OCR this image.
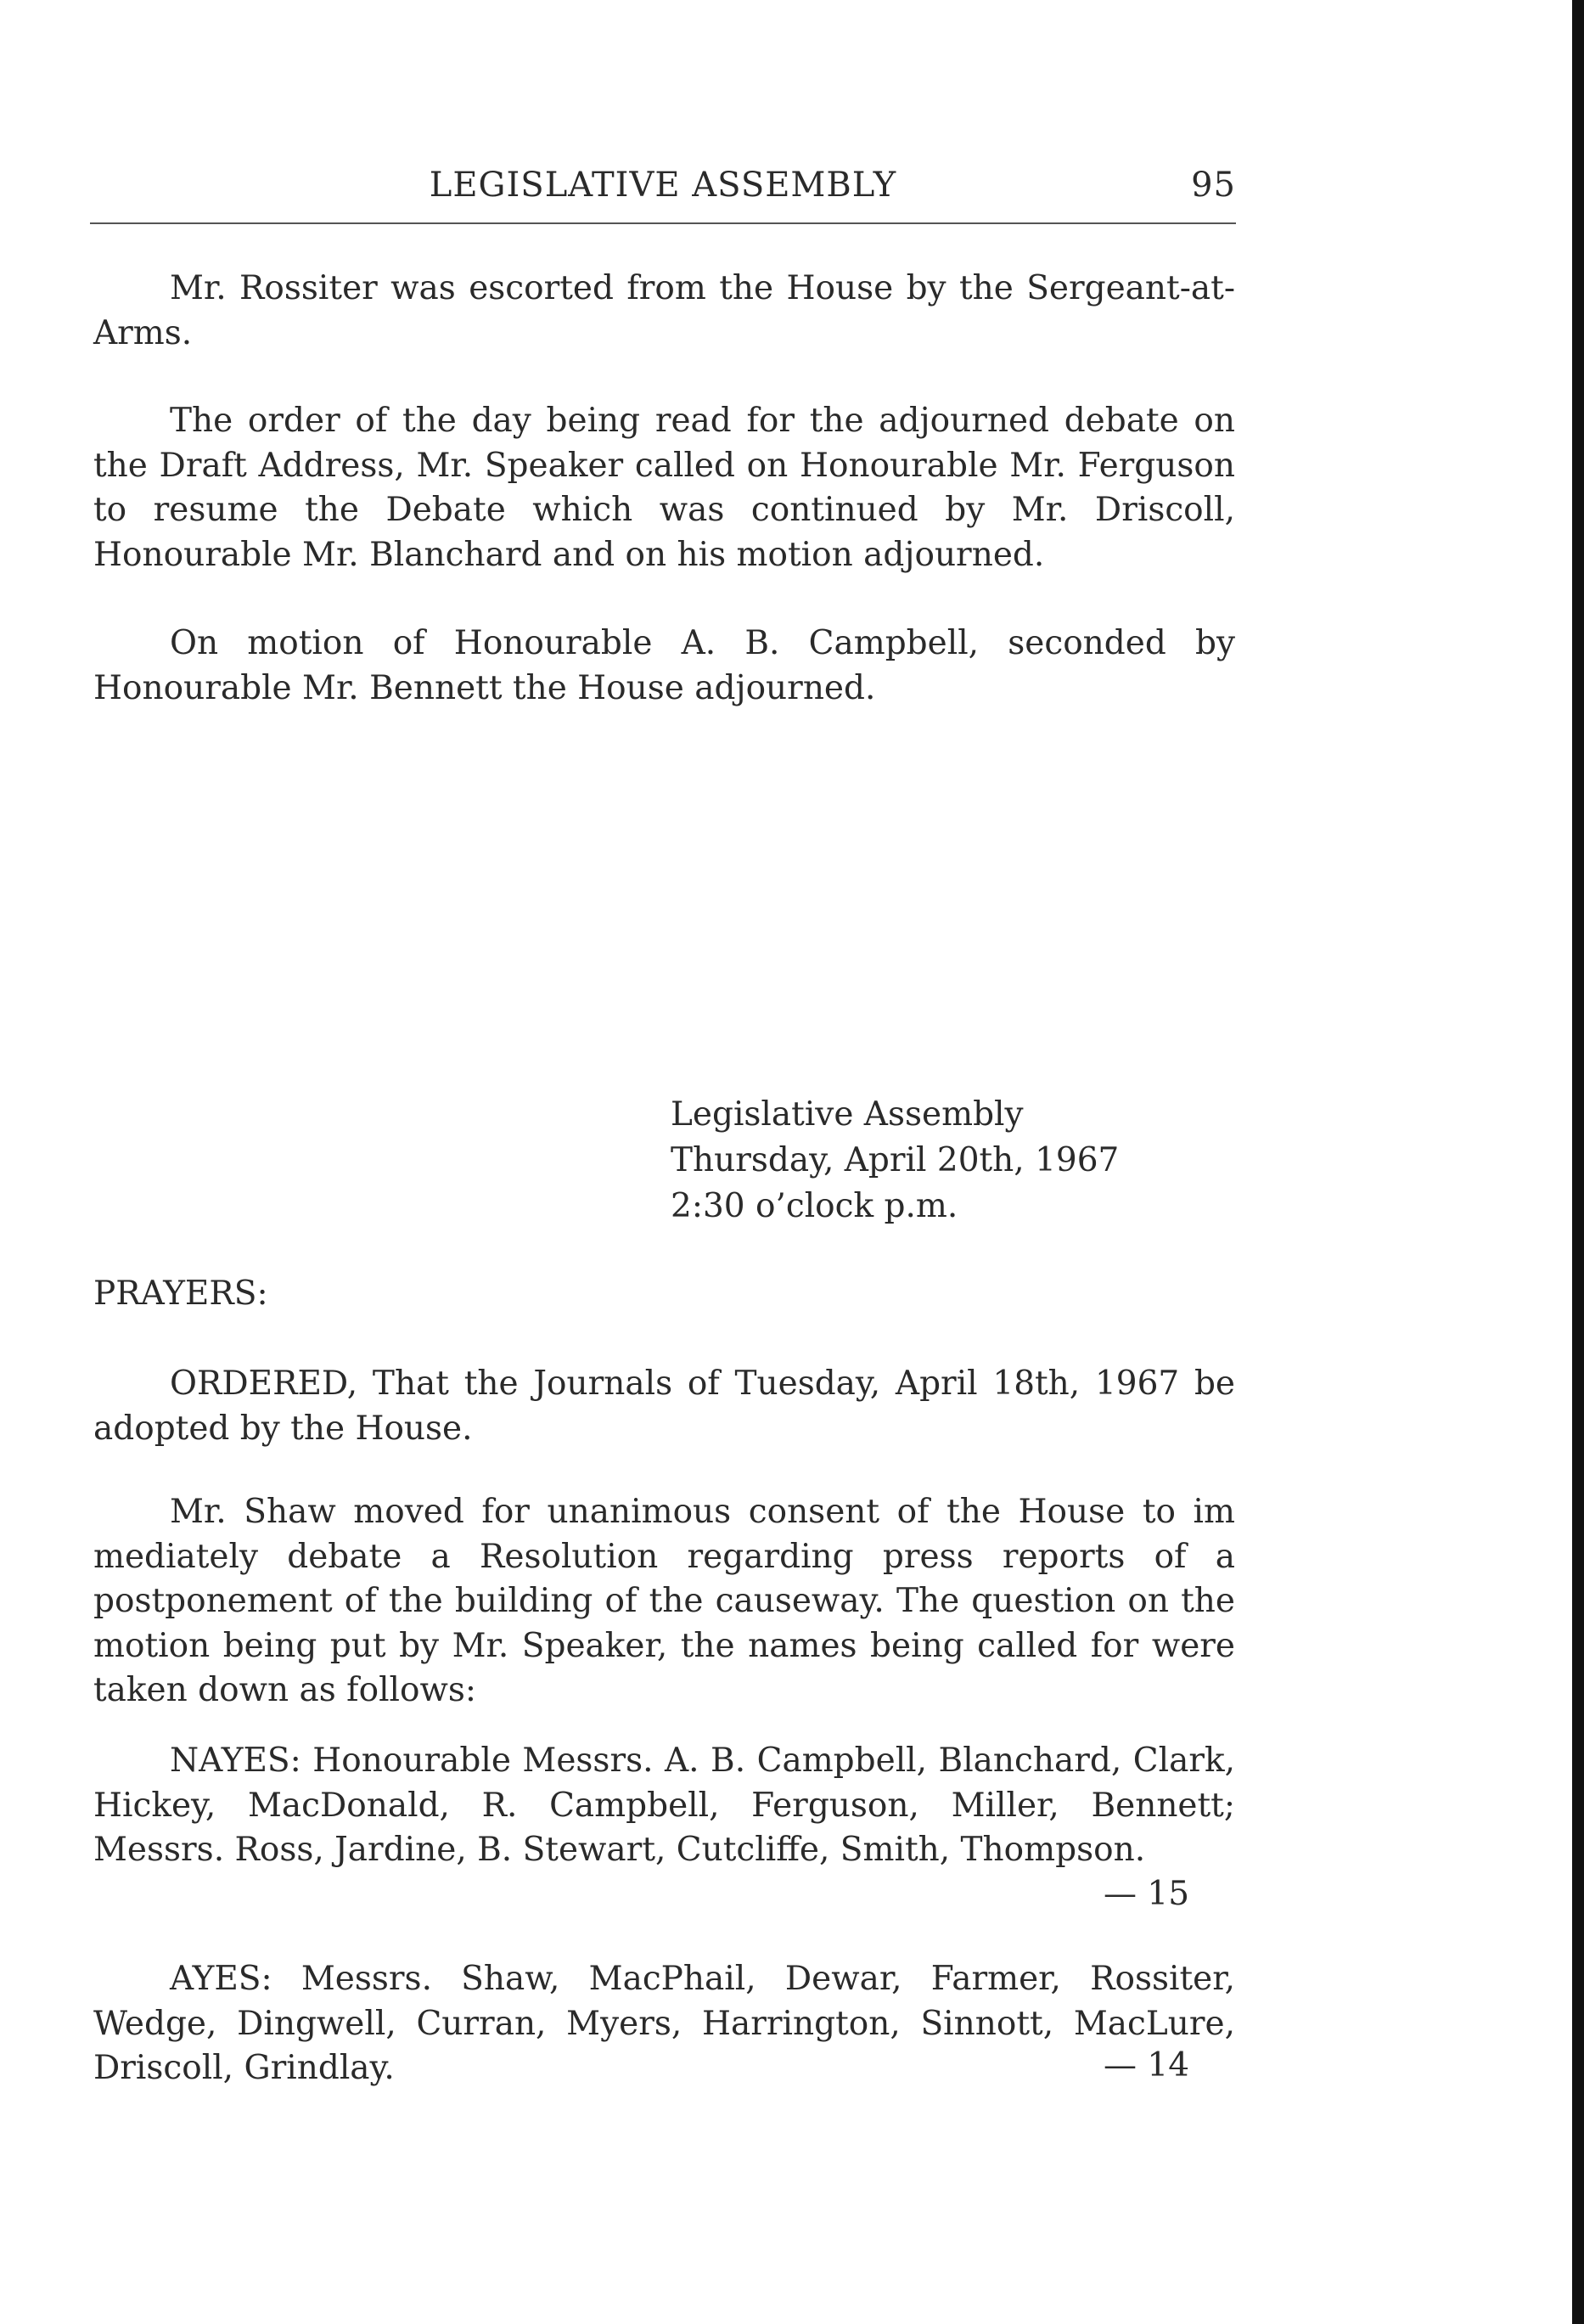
LEGISLATIVE ASSEMBLY	95
Mr. Rossiter was escorted from the House by the Sergeant-at-Arms.
The order of the day being read for the adjourned debate on the Draft Address, Mr. Speaker called on Honourable Mr. Ferguson to resume the Debate which was continued by Mr. Driscoll, Honourable Mr. Blanchard and on his motion adjourned.
On motion of Honourable A. B. Campbell, seconded by Honourable Mr. Bennett the House adjourned.
Legislative Assembly
Thursday, April 20th, 1967
2:30 o’clock p.m.
PRAYERS:
ORDERED, That the Journals of Tuesday, April 18th, 1967 be adopted by the House.
Mr. Shaw moved for unanimous consent of the House to im mediately debate a Resolution regarding press reports of a postponement of the building of the causeway. The question on the motion being put by Mr. Speaker, the names being called for were taken down as follows:
NAYES: Honourable Messrs. A. B. Campbell, Blanchard, Clark, Hickey, MacDonald, R. Campbell, Ferguson, Miller, Bennett; Messrs. Ross, Jardine, B. Stewart, Cutcliffe, Smith, Thompson.
— 15
AYES: Messrs. Shaw, MacPhail, Dewar, Farmer, Rossiter, Wedge, Dingwell, Curran, Myers, Harrington, Sinnott, MacLure, Driscoll, Grindlay.	— 14
